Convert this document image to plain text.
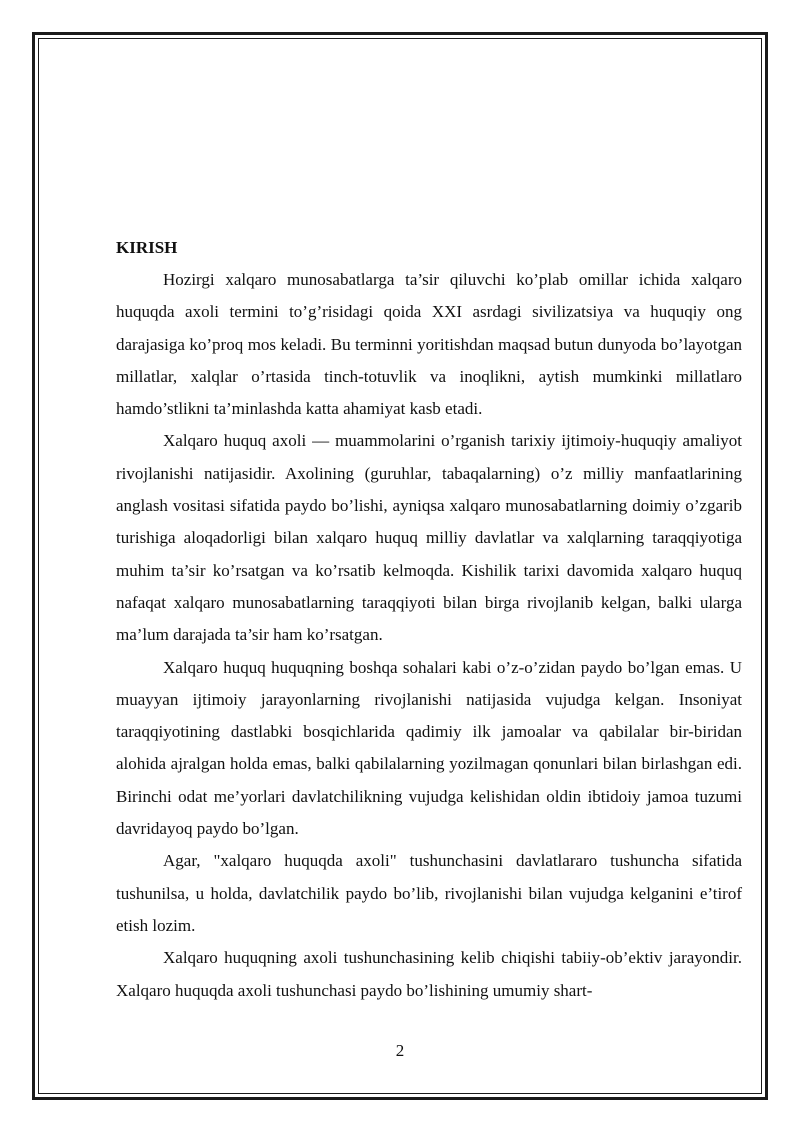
KIRISH

Hozirgi xalqaro munosabatlarga ta’sir qiluvchi ko’plab omillar ichida xalqaro huquqda axoli termini to’g’risidagi qoida XXI asrdagi sivilizatsiya va huquqiy ong darajasiga ko’proq mos keladi. Bu terminni yoritishdan maqsad butun dunyoda bo’layotgan millatlar, xalqlar o’rtasida tinch-totuvlik va inoqlikni, aytish mumkinki millatlaro hamdo’stlikni ta’minlashda katta ahamiyat kasb etadi.

Xalqaro huquq axoli — muammolarini o’rganish tarixiy ijtimoiy-huquqiy amaliyot rivojlanishi natijasidir. Axolining (guruhlar, tabaqalarning) o’z milliy manfaatlarining anglash vositasi sifatida paydo bo’lishi, ayniqsa xalqaro munosabatlarning doimiy o’zgarib turishiga aloqadorligi bilan xalqaro huquq milliy davlatlar va xalqlarning taraqqiyotiga muhim ta’sir ko’rsatgan va ko’rsatib kelmoqda. Kishilik tarixi davomida xalqaro huquq nafaqat xalqaro munosabatlarning taraqqiyoti bilan birga rivojlanib kelgan, balki ularga ma’lum darajada ta’sir ham ko’rsatgan.

Xalqaro huquq huquqning boshqa sohalari kabi o’z-o’zidan paydo bo’lgan emas. U muayyan ijtimoiy jarayonlarning rivojlanishi natijasida vujudga kelgan. Insoniyat taraqqiyotining dastlabki bosqichlarida qadimiy ilk jamoalar va qabilalar bir-biridan alohida ajralgan holda emas, balki qabilalarning yozilmagan qonunlari bilan birlashgan edi. Birinchi odat me’yorlari davlatchilikning vujudga kelishidan oldin ibtidoiy jamoa tuzumi davridayoq paydo bo’lgan.

Agar, "xalqaro huquqda axoli" tushunchasini davlatlararo tushuncha sifatida tushunilsa, u holda, davlatchilik paydo bo’lib, rivojlanishi bilan vujudga kelganini e’tirof etish lozim.

Xalqaro huquqning axoli tushunchasining kelib chiqishi tabiiy-ob’ektiv jarayondir. Xalqaro huquqda axoli tushunchasi paydo bo’lishining umumiy shart-

2
